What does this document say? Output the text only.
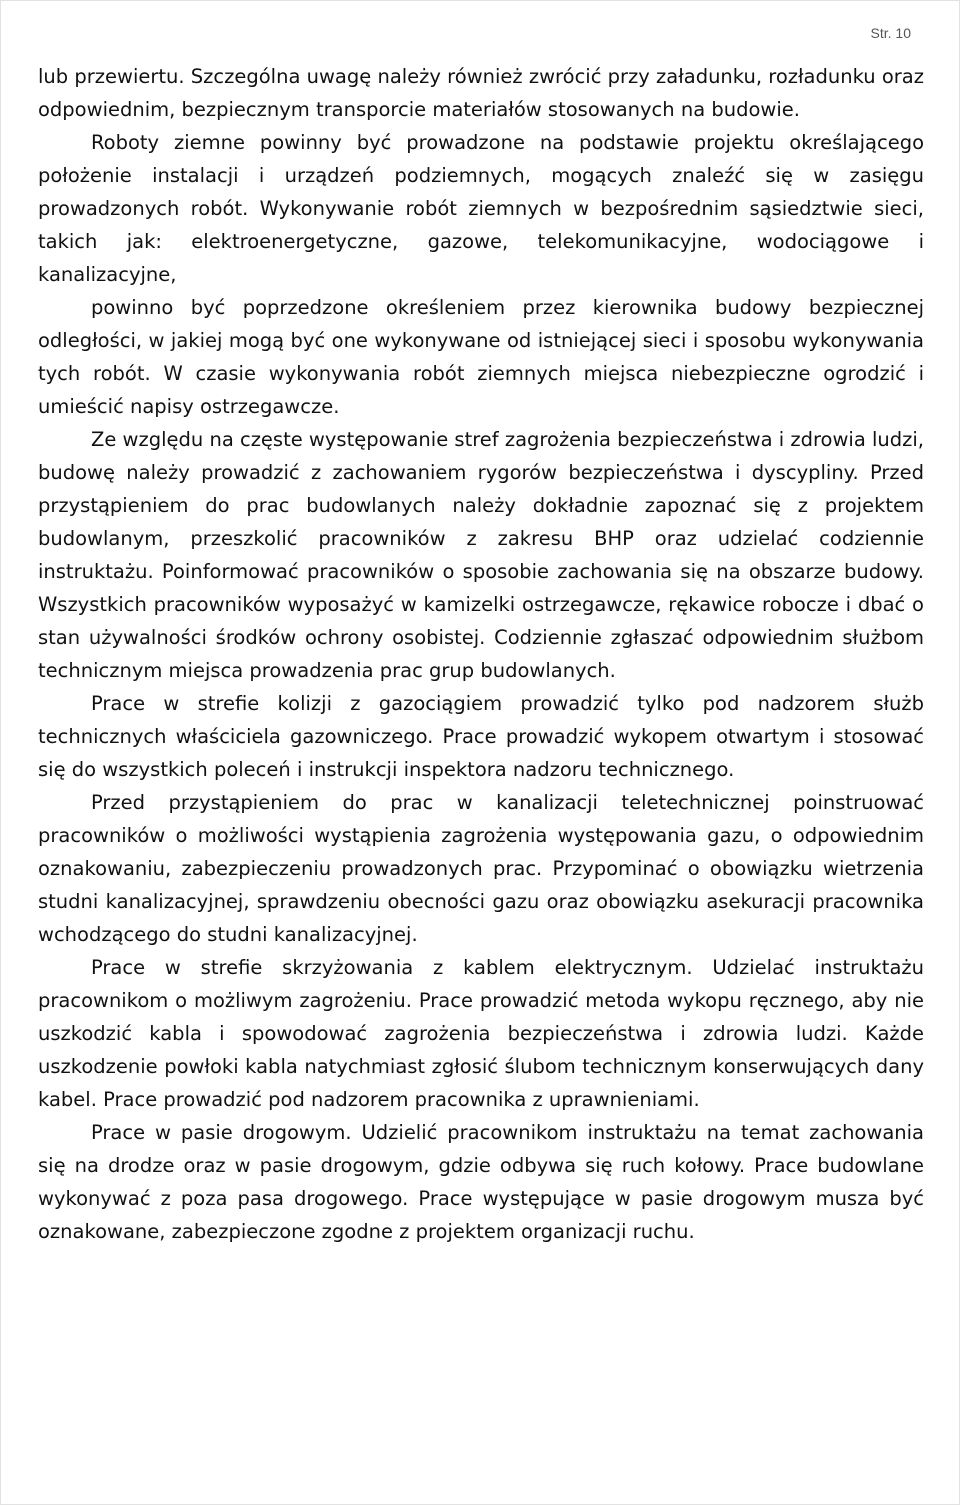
Str. 10

lub przewiertu. Szczególna uwagę należy również zwrócić przy załadunku, rozładunku oraz odpowiednim, bezpiecznym transporcie materiałów stosowanych na budowie.

Roboty ziemne powinny być prowadzone na podstawie projektu określającego położenie instalacji i urządzeń podziemnych, mogących znaleźć się w zasięgu prowadzonych robót. Wykonywanie robót ziemnych w bezpośrednim sąsiedztwie sieci, takich jak: elektroenergetyczne, gazowe, telekomunikacyjne, wodociągowe i kanalizacyjne,

powinno być poprzedzone określeniem przez kierownika budowy bezpiecznej odległości, w jakiej mogą być one wykonywane od istniejącej sieci i sposobu wykonywania tych robót. W czasie wykonywania robót ziemnych miejsca niebezpieczne ogrodzić i umieścić napisy ostrzegawcze.

Ze względu na częste występowanie stref zagrożenia bezpieczeństwa i zdrowia ludzi, budowę należy prowadzić z zachowaniem rygorów bezpieczeństwa i dyscypliny. Przed przystąpieniem do prac budowlanych należy dokładnie zapoznać się z projektem budowlanym, przeszkolić pracowników z zakresu BHP oraz udzielać codziennie instruktażu. Poinformować pracowników o sposobie zachowania się na obszarze budowy. Wszystkich pracowników wyposażyć w kamizelki ostrzegawcze, rękawice robocze i dbać o stan używalności środków ochrony osobistej. Codziennie zgłaszać odpowiednim służbom technicznym miejsca prowadzenia prac grup budowlanych.

Prace w strefie kolizji z gazociągiem prowadzić tylko pod nadzorem służb technicznych właściciela gazowniczego. Prace prowadzić wykopem otwartym i stosować się do wszystkich poleceń i instrukcji inspektora nadzoru technicznego.

Przed przystąpieniem do prac w kanalizacji teletechnicznej poinstruować pracowników o możliwości wystąpienia zagrożenia występowania gazu, o odpowiednim oznakowaniu, zabezpieczeniu prowadzonych prac. Przypominać o obowiązku wietrzenia studni kanalizacyjnej, sprawdzeniu obecności gazu oraz obowiązku asekuracji pracownika wchodzącego do studni kanalizacyjnej.

Prace w strefie skrzyżowania z kablem elektrycznym. Udzielać instruktażu pracownikom o możliwym zagrożeniu. Prace prowadzić metoda wykopu ręcznego, aby nie uszkodzić kabla i spowodować zagrożenia bezpieczeństwa i zdrowia ludzi. Każde uszkodzenie powłoki kabla natychmiast zgłosić ślubom technicznym konserwujących dany kabel. Prace prowadzić pod nadzorem pracownika z uprawnieniami.

Prace w pasie drogowym. Udzielić pracownikom instruktażu na temat zachowania się na drodze oraz w pasie drogowym, gdzie odbywa się ruch kołowy. Prace budowlane wykonywać z poza pasa drogowego. Prace występujące w pasie drogowym musza być oznakowane, zabezpieczone zgodne z projektem organizacji ruchu.
